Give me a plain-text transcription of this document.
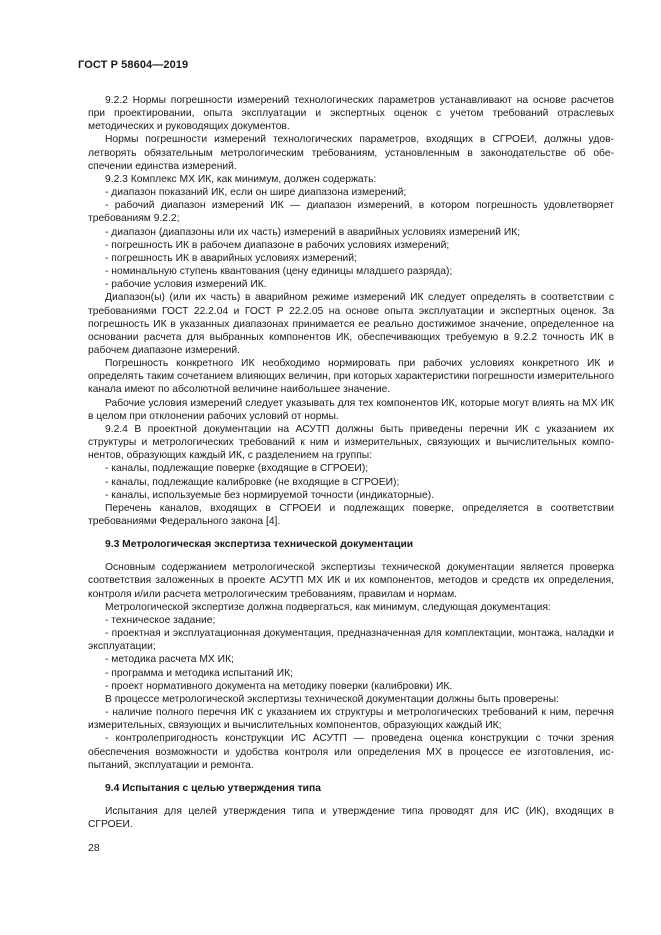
ГОСТ Р 58604—2019

9.2.2 Нормы погрешности измерений технологических параметров устанавливают на основе расчетов при проектировании, опыта эксплуатации и экспертных оценок с учетом требований отраслевых методических и руководящих документов.

Нормы погрешности измерений технологических параметров, входящих в СГРОЕИ, должны удовлетворять обязательным метрологическим требованиям, установленным в законодательстве об обеспечении единства измерений.

9.2.3 Комплекс МХ ИК, как минимум, должен содержать:

- диапазон показаний ИК, если он шире диапазона измерений;

- рабочий диапазон измерений ИК — диапазон измерений, в котором погрешность удовлетворяет требованиям 9.2.2;

- диапазон (диапазоны или их часть) измерений в аварийных условиях измерений ИК;

- погрешность ИК в рабочем диапазоне в рабочих условиях измерений;

- погрешность ИК в аварийных условиях измерений;

- номинальную ступень квантования (цену единицы младшего разряда);

- рабочие условия измерений ИК.

Диапазон(ы) (или их часть) в аварийном режиме измерений ИК следует определять в соответствии с требованиями ГОСТ 22.2.04 и ГОСТ Р 22.2.05 на основе опыта эксплуатации и экспертных оценок. За погрешность ИК в указанных диапазонах принимается ее реально достижимое значение, определенное на основании расчета для выбранных компонентов ИК, обеспечивающих требуемую в 9.2.2 точность ИК в рабочем диапазоне измерений.

Погрешность конкретного ИК необходимо нормировать при рабочих условиях конкретного ИК и определять таким сочетанием влияющих величин, при которых характеристики погрешности измерительного канала имеют по абсолютной величине наибольшее значение.

Рабочие условия измерений следует указывать для тех компонентов ИК, которые могут влиять на МХ ИК в целом при отклонении рабочих условий от нормы.

9.2.4 В проектной документации на АСУТП должны быть приведены перечни ИК с указанием их структуры и метрологических требований к ним и измерительных, связующих и вычислительных компонентов, образующих каждый ИК, с разделением на группы:

- каналы, подлежащие поверке (входящие в СГРОЕИ);

- каналы, подлежащие калибровке (не входящие в СГРОЕИ);

- каналы, используемые без нормируемой точности (индикаторные).

Перечень каналов, входящих в СГРОЕИ и подлежащих поверке, определяется в соответствии требованиями Федерального закона [4].

9.3 Метрологическая экспертиза технической документации

Основным содержанием метрологической экспертизы технической документации является проверка соответствия заложенных в проекте АСУТП МХ ИК и их компонентов, методов и средств их определения, контроля и/или расчета метрологическим требованиям, правилам и нормам.

Метрологической экспертизе должна подвергаться, как минимум, следующая документация:

- техническое задание;

- проектная и эксплуатационная документация, предназначенная для комплектации, монтажа, наладки и эксплуатации;

- методика расчета МХ ИК;

- программа и методика испытаний ИК;

- проект нормативного документа на методику поверки (калибровки) ИК.

В процессе метрологической экспертизы технической документации должны быть проверены:

- наличие полного перечня ИК с указанием их структуры и метрологических требований к ним, перечня измерительных, связующих и вычислительных компонентов, образующих каждый ИК;

- контролепригодность конструкции ИС АСУТП — проведена оценка конструкции с точки зрения обеспечения возможности и удобства контроля или определения МХ в процессе ее изготовления, испытаний, эксплуатации и ремонта.

9.4 Испытания с целью утверждения типа

Испытания для целей утверждения типа и утверждение типа проводят для ИС (ИК), входящих в СГРОЕИ.

28
